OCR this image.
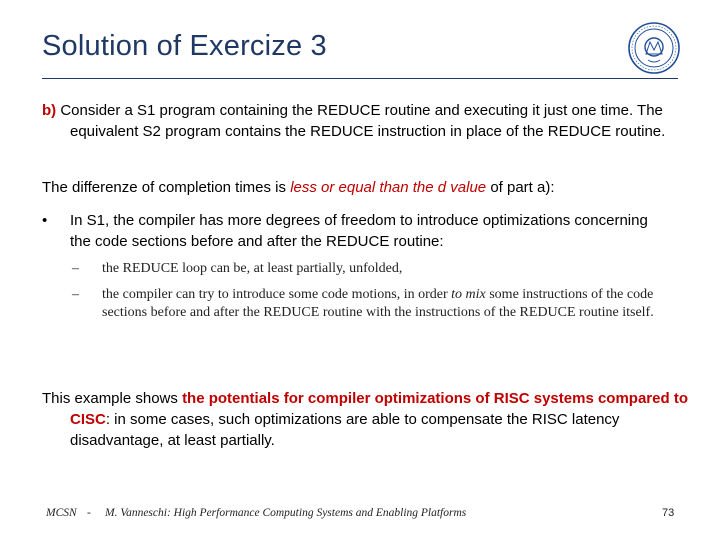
Solution of Exercize 3

b) Consider a S1 program containing the REDUCE routine and executing it just one time. The equivalent S2 program contains the REDUCE instruction in place of the REDUCE routine.

The differenze of completion times is less or equal than the d value of part a):

•	In S1, the compiler has more degrees of freedom to introduce optimizations concerning the code sections before and after the REDUCE routine:
– the REDUCE loop can be, at least partially, unfolded,
– the compiler can try to introduce some code motions, in order to mix some instructions of the code sections before and after the REDUCE routine with the instructions of the REDUCE routine itself.

This example shows the potentials for compiler optimizations of RISC systems compared to CISC: in some cases, such optimizations are able to compensate the RISC latency disadvantage, at least partially.

MCSN - M. Vanneschi: High Performance Computing Systems and Enabling Platforms	73
